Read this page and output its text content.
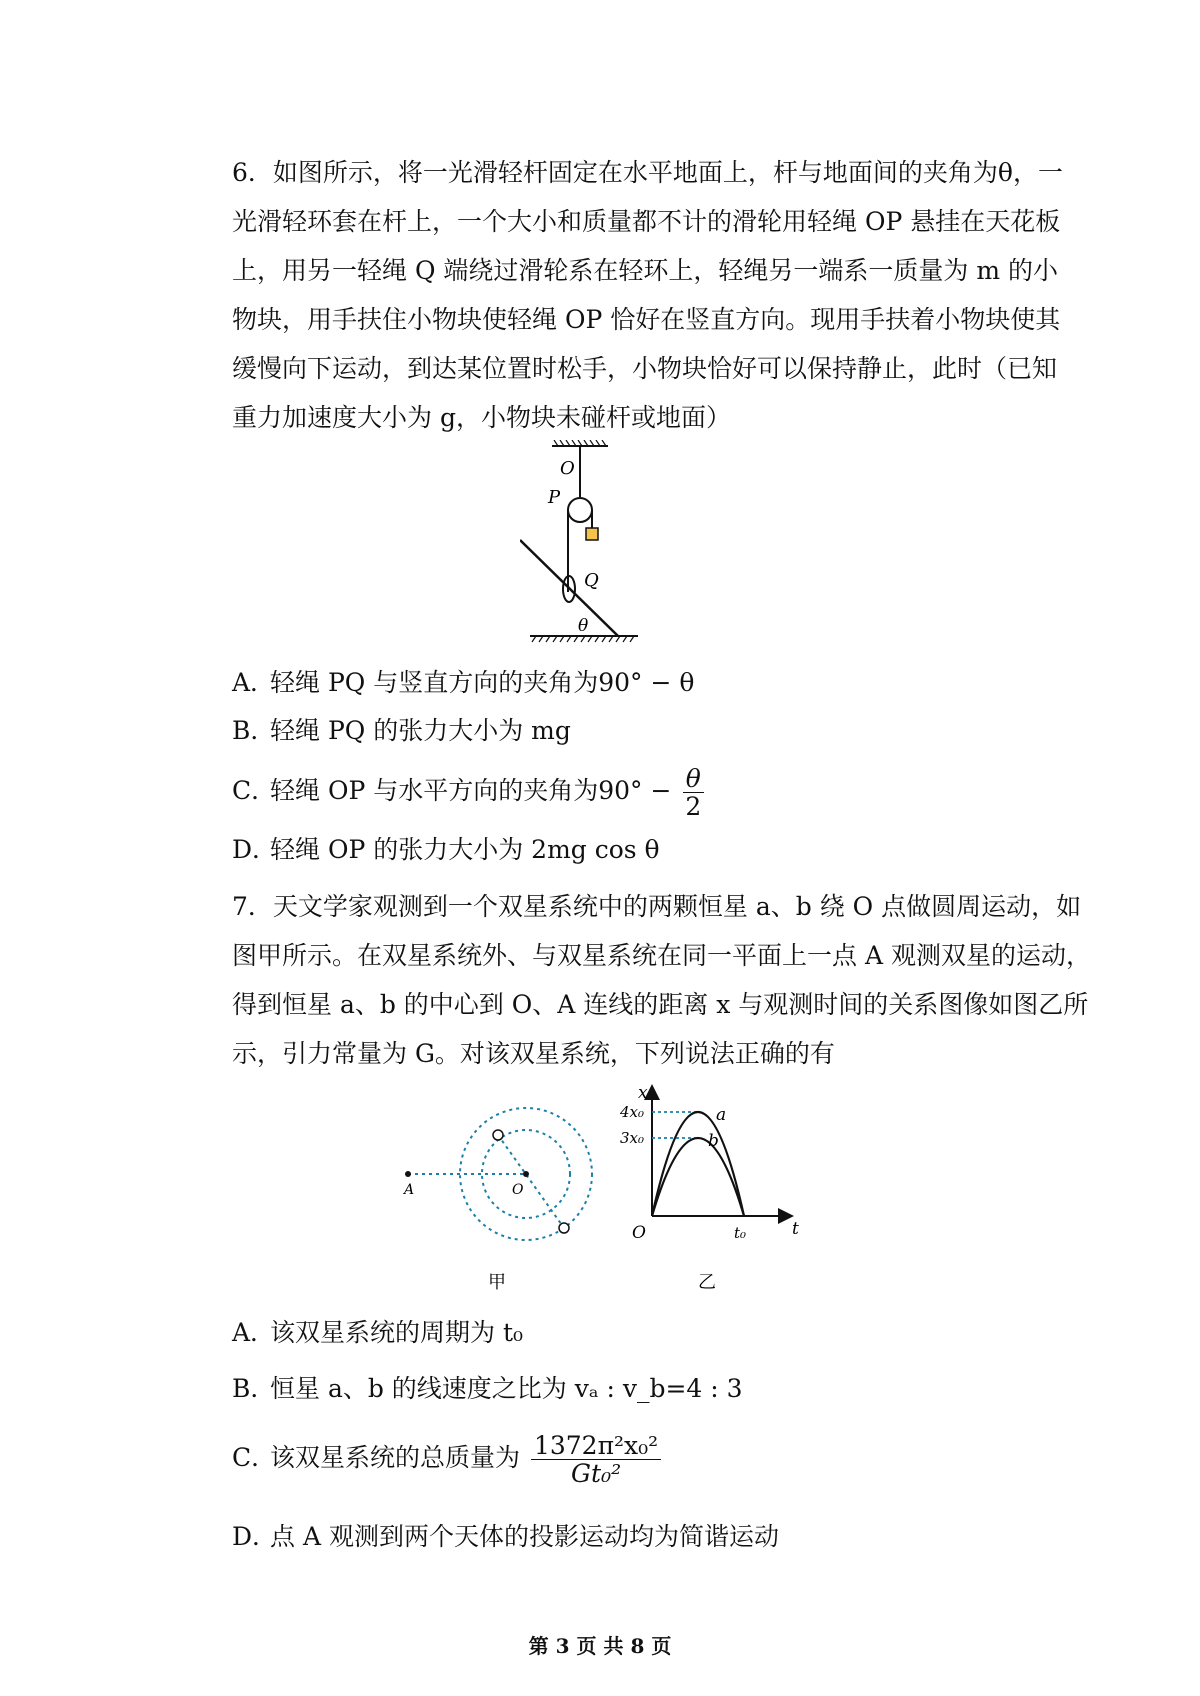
6．如图所示，将一光滑轻杆固定在水平地面上，杆与地面间的夹角为θ，一
光滑轻环套在杆上，一个大小和质量都不计的滑轮用轻绳 OP 悬挂在天花板
上，用另一轻绳 Q 端绕过滑轮系在轻环上，轻绳另一端系一质量为 m 的小
物块，用手扶住小物块使轻绳 OP 恰好在竖直方向。现用手扶着小物块使其
缓慢向下运动，到达某位置时松手，小物块恰好可以保持静止，此时（已知
重力加速度大小为 g，小物块未碰杆或地面）
O
P
Q
θ
A．轻绳 PQ 与竖直方向的夹角为90° − θ
B．轻绳 PQ 的张力大小为 mg
C．轻绳 OP 与水平方向的夹角为$90^\circ - \frac{\theta}{2}$
D．轻绳 OP 的张力大小为 2mg cos θ
7．天文学家观测到一个双星系统中的两颗恒星 a、b 绕 O 点做圆周运动，如
图甲所示。在双星系统外、与双星系统在同一平面上一点 A 观测双星的运动，
得到恒星 a、b 的中心到 O、A 连线的距离 x 与观测时间的关系图像如图乙所
示，引力常量为 G。对该双星系统，下列说法正确的有
A	O
甲
x
t
O
4x₀
3x₀
t₀
a
b
乙
A．该双星系统的周期为 t₀
B．恒星 a、b 的线速度之比为 vₐ : v_b=4 : 3
C．该双星系统的总质量为 $\frac{\text{1372π²x₀²}}{\text{Gt₀²}}$
D．点 A 观测到两个天体的投影运动均为简谐运动
第 3 页 共 8 页
